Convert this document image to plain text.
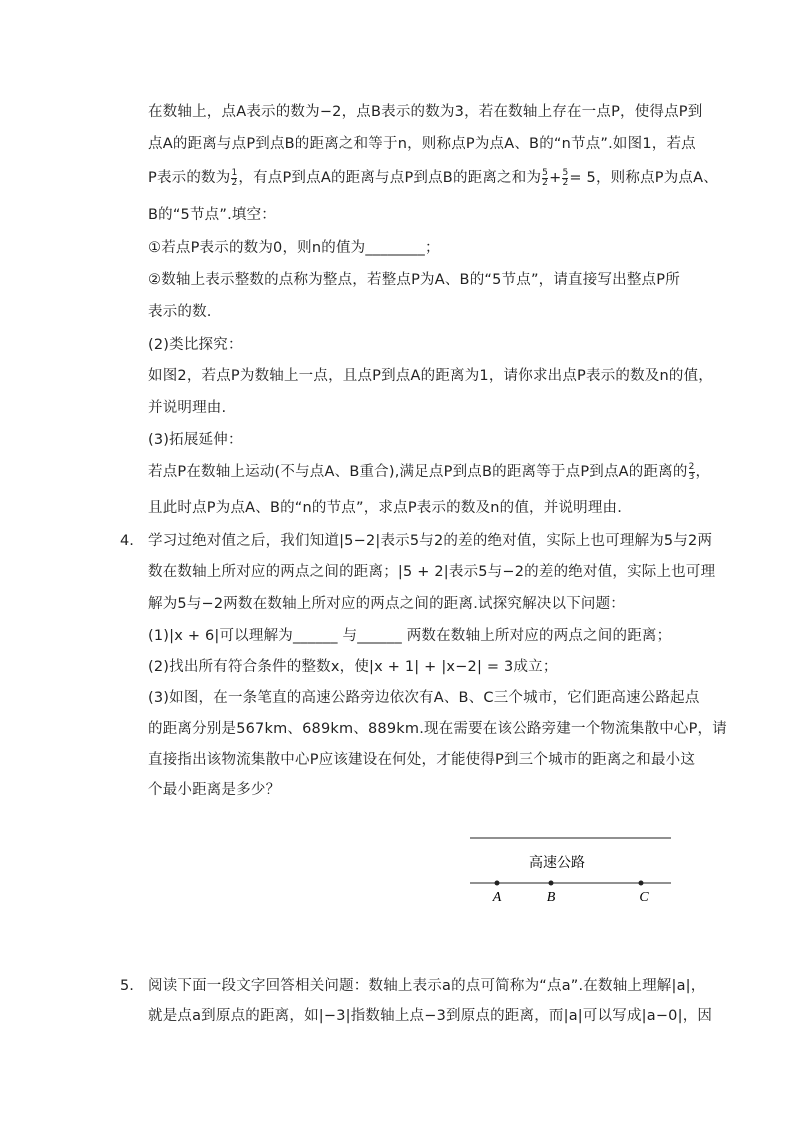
在数轴上，点A表示的数为−2，点B表示的数为3，若在数轴上存在一点P，使得点P到
点A的距离与点P到点B的距离之和等于n，则称点P为点A、B的“n节点”.如图1，若点
P表示的数为 $\frac{1}{2}$ ，有点P到点A的距离与点P到点B的距离之和为 $\frac{5}{2} + \frac{5}{2} = 5$，则称点P为点A、
B的“5节点”.填空：
①若点P表示的数为0，则n的值为________；
②数轴上表示整数的点称为整点，若整点P为A、B的“5节点”，请直接写出整点P所
表示的数.
(2)类比探究：
如图2，若点P为数轴上一点，且点P到点A的距离为1，请你求出点P表示的数及n的值，
并说明理由.
(3)拓展延伸：
若点P在数轴上运动(不与点A、B重合),满足点P到点B的距离等于点P到点A的距离的 $\frac{2}{3}$ ，
且此时点P为点A、B的“n的节点”，求点P表示的数及n的值，并说明理由.
4. 学习过绝对值之后，我们知道|5−2|表示5与2的差的绝对值，实际上也可理解为5与2两
数在数轴上所对应的两点之间的距离；|5 + 2|表示5与−2的差的绝对值，实际上也可理
解为5与−2两数在数轴上所对应的两点之间的距离.试探究解决以下问题：
(1)|x + 6|可以理解为______ 与______ 两数在数轴上所对应的两点之间的距离；
(2)找出所有符合条件的整数x，使|x + 1| + |x−2| = 3成立；
(3)如图，在一条笔直的高速公路旁边依次有A、B、C三个城市，它们距高速公路起点
的距离分别是567km、689km、889km.现在需要在该公路旁建一个物流集散中心P，请
直接指出该物流集散中心P应该建设在何处，才能使得P到三个城市的距离之和最小这
个最小距离是多少？
高速公路
A	B	C
5. 阅读下面一段文字回答相关问题：数轴上表示a的点可简称为“点a”.在数轴上理解|a|，
就是点a到原点的距离，如|−3|指数轴上点−3到原点的距离，而|a|可以写成|a−0|，因
